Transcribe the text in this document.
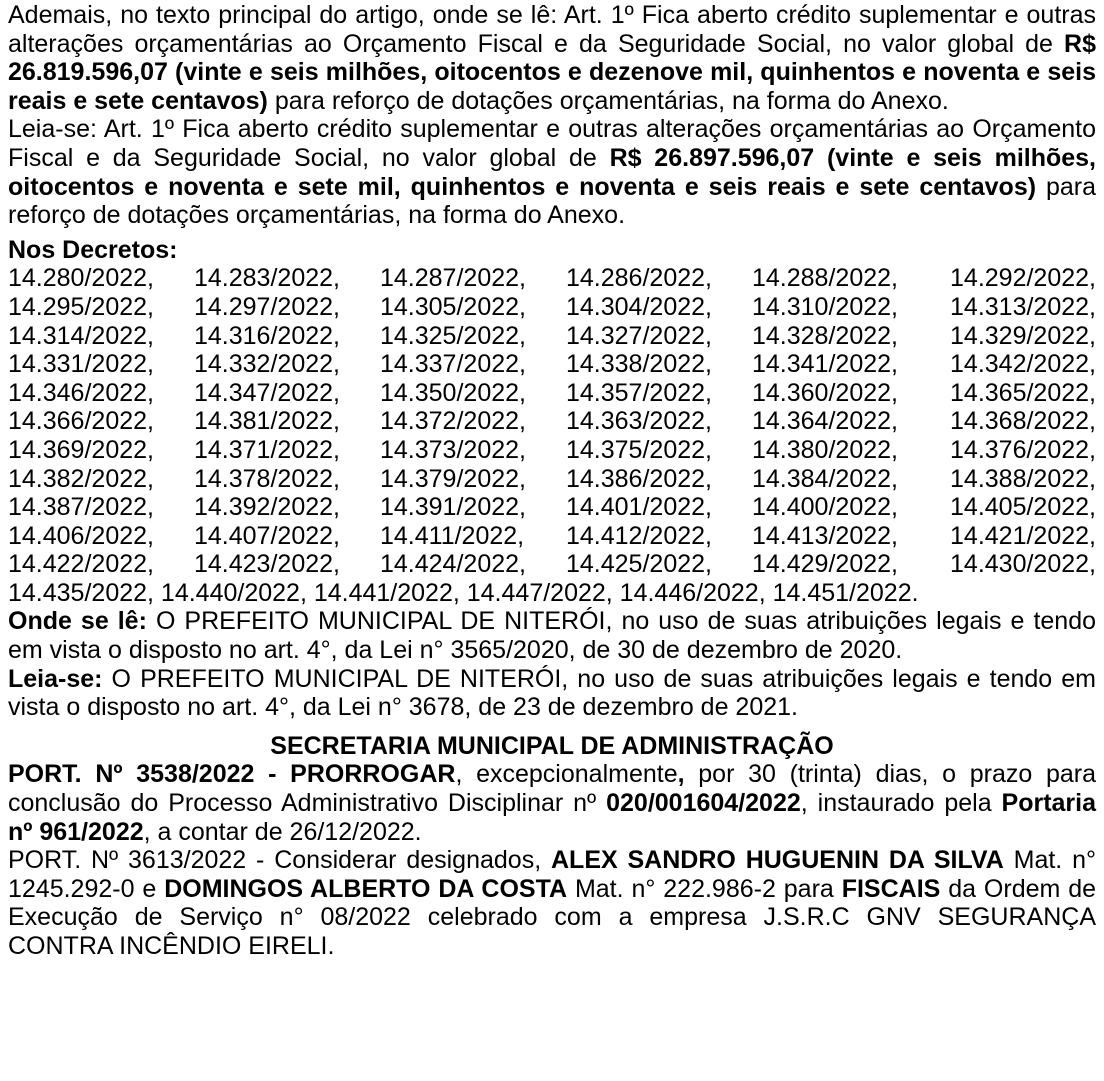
Ademais, no texto principal do artigo, onde se lê: Art. 1º Fica aberto crédito suplementar e outras alterações orçamentárias ao Orçamento Fiscal e da Seguridade Social, no valor global de R$ 26.819.596,07 (vinte e seis milhões, oitocentos e dezenove mil, quinhentos e noventa e seis reais e sete centavos) para reforço de dotações orçamentárias, na forma do Anexo.

Leia-se: Art. 1º Fica aberto crédito suplementar e outras alterações orçamentárias ao Orçamento Fiscal e da Seguridade Social, no valor global de R$ 26.897.596,07 (vinte e seis milhões, oitocentos e noventa e sete mil, quinhentos e noventa e seis reais e sete centavos) para reforço de dotações orçamentárias, na forma do Anexo.

Nos Decretos:

14.280/2022,	14.283/2022,	14.287/2022,	14.286/2022,	14.288/2022,	14.292/2022,
14.295/2022,	14.297/2022,	14.305/2022,	14.304/2022,	14.310/2022,	14.313/2022,
14.314/2022,	14.316/2022,	14.325/2022,	14.327/2022,	14.328/2022,	14.329/2022,
14.331/2022,	14.332/2022,	14.337/2022,	14.338/2022,	14.341/2022,	14.342/2022,
14.346/2022,	14.347/2022,	14.350/2022,	14.357/2022,	14.360/2022,	14.365/2022,
14.366/2022,	14.381/2022,	14.372/2022,	14.363/2022,	14.364/2022,	14.368/2022,
14.369/2022,	14.371/2022,	14.373/2022,	14.375/2022,	14.380/2022,	14.376/2022,
14.382/2022,	14.378/2022,	14.379/2022,	14.386/2022,	14.384/2022,	14.388/2022,
14.387/2022,	14.392/2022,	14.391/2022,	14.401/2022,	14.400/2022,	14.405/2022,
14.406/2022,	14.407/2022,	14.411/2022,	14.412/2022,	14.413/2022,	14.421/2022,
14.422/2022,	14.423/2022,	14.424/2022,	14.425/2022,	14.429/2022,	14.430/2022,

14.435/2022, 14.440/2022, 14.441/2022, 14.447/2022, 14.446/2022, 14.451/2022.

Onde se lê: O PREFEITO MUNICIPAL DE NITERÓI, no uso de suas atribuições legais e tendo em vista o disposto no art. 4°, da Lei n° 3565/2020, de 30 de dezembro de 2020.

Leia-se: O PREFEITO MUNICIPAL DE NITERÓI, no uso de suas atribuições legais e tendo em vista o disposto no art. 4°, da Lei n° 3678, de 23 de dezembro de 2021.

SECRETARIA MUNICIPAL DE ADMINISTRAÇÃO

PORT. Nº 3538/2022 - PRORROGAR, excepcionalmente, por 30 (trinta) dias, o prazo para conclusão do Processo Administrativo Disciplinar nº 020/001604/2022, instaurado pela Portaria nº 961/2022, a contar de 26/12/2022.

PORT. Nº 3613/2022 - Considerar designados, ALEX SANDRO HUGUENIN DA SILVA Mat. n° 1245.292-0 e DOMINGOS ALBERTO DA COSTA Mat. n° 222.986-2 para FISCAIS da Ordem de Execução de Serviço n° 08/2022 celebrado com a empresa J.S.R.C GNV SEGURANÇA CONTRA INCÊNDIO EIRELI.
